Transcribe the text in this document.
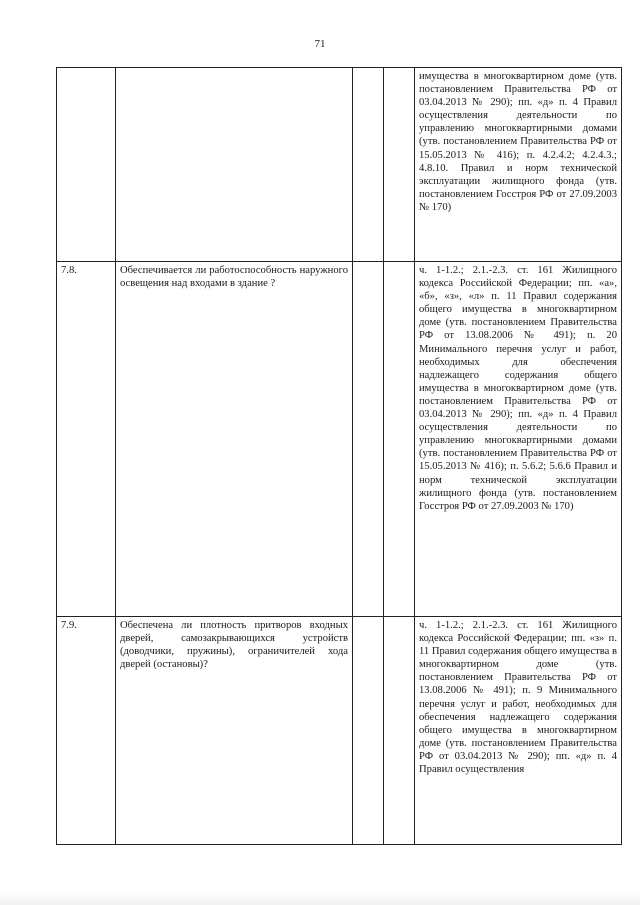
71
				имущества в многоквартирном доме (утв. постановлением Правительства РФ от 03.04.2013 № 290); пп. «д» п. 4 Правил осуществления деятельности по управлению многоквартирными домами (утв. постановлением Правительства РФ от 15.05.2013 № 416); п. 4.2.4.2; 4.2.4.3.; 4.8.10. Правил и норм технической эксплуатации жилищного фонда (утв. постановлением Госстроя РФ от 27.09.2003 № 170)
7.8.	Обеспечивается ли работоспособность наружного освещения над входами в здание ?			ч. 1-1.2.; 2.1.-2.3. ст. 161 Жилищного кодекса Российской Федерации; пп. «а», «б», «з», «л» п. 11 Правил содержания общего имущества в многоквартирном доме (утв. постановлением Правительства РФ от 13.08.2006 № 491); п. 20 Минимального перечня услуг и работ, необходимых для обеспечения надлежащего содержания общего имущества в многоквартирном доме (утв. постановлением Правительства РФ от 03.04.2013 № 290); пп. «д» п. 4 Правил осуществления деятельности по управлению многоквартирными домами (утв. постановлением Правительства РФ от 15.05.2013 № 416); п. 5.6.2; 5.6.6 Правил и норм технической эксплуатации жилищного фонда (утв. постановлением Госстроя РФ от 27.09.2003 № 170)
7.9.	Обеспечена ли плотность притворов входных дверей, самозакрывающихся устройств (доводчики, пружины), ограничителей хода дверей (остановы)?			ч. 1-1.2.; 2.1.-2.3. ст. 161 Жилищного кодекса Российской Федерации; пп. «з» п. 11 Правил содержания общего имущества в многоквартирном доме (утв. постановлением Правительства РФ от 13.08.2006 № 491); п. 9 Минимального перечня услуг и работ, необходимых для обеспечения надлежащего содержания общего имущества в многоквартирном доме (утв. постановлением Правительства РФ от 03.04.2013 № 290); пп. «д» п. 4 Правил осуществления
